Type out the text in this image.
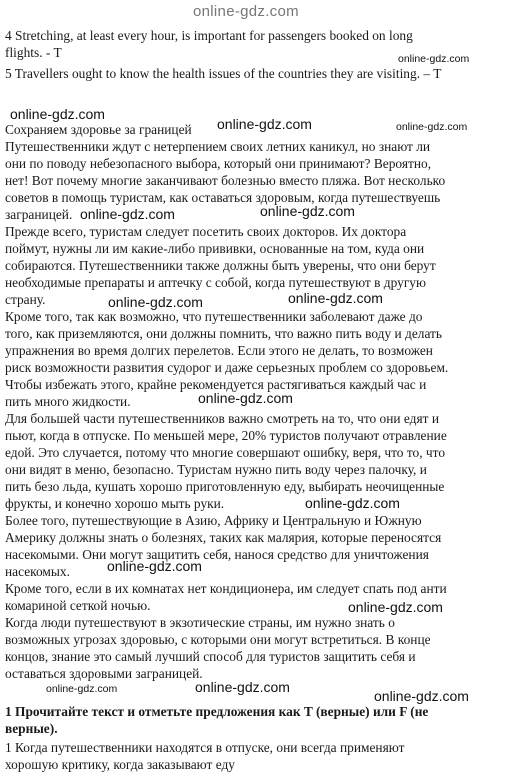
online-gdz.com
online-gdz.com
online-gdz.com
online-gdz.com	online-gdz.com
online-gdz.com	online-gdz.com
online-gdz.com	online-gdz.com
online-gdz.com
online-gdz.com
online-gdz.com
online-gdz.com
online-gdz.com	online-gdz.com
online-gdz.com
4 Stretching, at least every hour, is important for passengers booked on long
flights. - T
5 Travellers ought to know the health issues of the countries they are visiting. – T
Сохраняем здоровье за границей
Путешественники ждут с нетерпением своих летних каникул, но знают ли
они по поводу небезопасного выбора, который они принимают? Вероятно,
нет! Вот почему многие заканчивают болезнью вместо пляжа. Вот несколько
советов в помощь туристам, как оставаться здоровым, когда путешествуешь
заграницей.
Прежде всего, туристам следует посетить своих докторов. Их доктора
поймут, нужны ли им какие-либо прививки, основанные на том, куда они
собираются. Путешественники также должны быть уверены, что они берут
необходимые препараты и аптечку с собой, когда путешествуют в другую
страну.
Кроме того, так как возможно, что путешественники заболевают даже до
того, как приземляются, они должны помнить, что важно пить воду и делать
упражнения во время долгих перелетов. Если этого не делать, то возможен
риск возможности развития судорог и даже серьезных проблем со здоровьем.
Чтобы избежать этого, крайне рекомендуется растягиваться каждый час и
пить много жидкости.
Для большей части путешественников важно смотреть на то, что они едят и
пьют, когда в отпуске. По меньшей мере, 20% туристов получают отравление
едой. Это случается, потому что многие совершают ошибку, веря, что то, что
они видят в меню, безопасно. Туристам нужно пить воду через палочку, и
пить безо льда, кушать хорошо приготовленную еду, выбирать неочищенные
фрукты, и конечно хорошо мыть руки.
Более того, путешествующие в Азию, Африку и Центральную и Южную
Америку должны знать о болезнях, таких как малярия, которые переносятся
насекомыми. Они могут защитить себя, нанося средство для уничтожения
насекомых.
Кроме того, если в их комнатах нет кондиционера, им следует спать под анти
комариной сеткой ночью.
Когда люди путешествуют в экзотические страны, им нужно знать о
возможных угрозах здоровью, с которыми они могут встретиться. В конце
концов, знание это самый лучший способ для туристов защитить себя и
оставаться здоровыми заграницей.
1 Прочитайте текст и отметьте предложения как T (верные) или F (не
верные).
1 Когда путешественники находятся в отпуске, они всегда применяют
хорошую критику, когда заказывают еду
